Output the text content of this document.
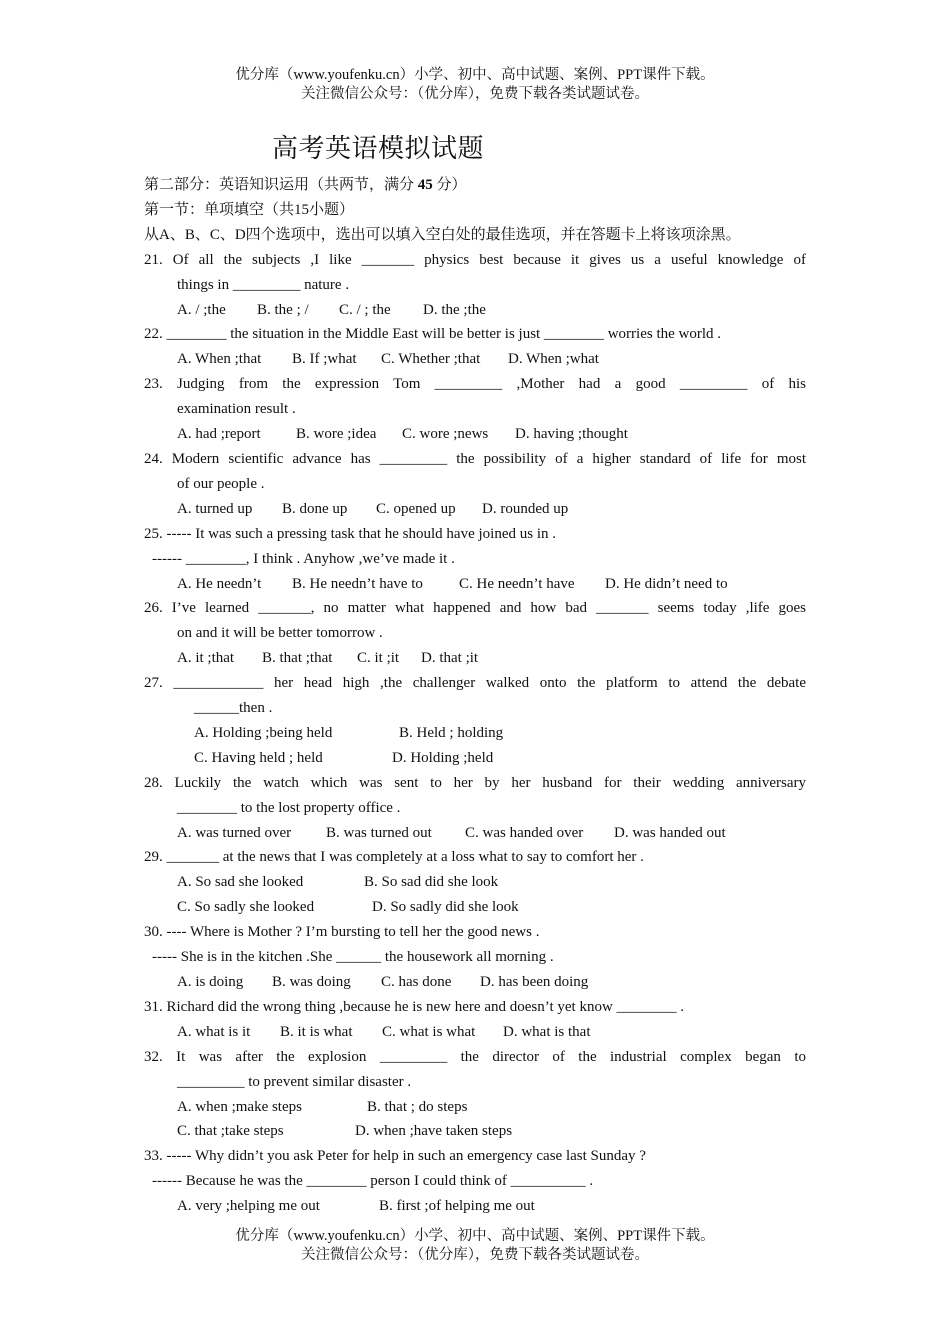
优分库（www.youfenku.cn）小学、初中、高中试题、案例、PPT课件下载。
关注微信公众号：（优分库），免费下载各类试题试卷。
高考英语模拟试题
第二部分：英语知识运用（共两节，满分 45 分）
第一节：单项填空（共15小题）
从A、B、C、D四个选项中，选出可以填入空白处的最佳选项，并在答题卡上将该项涂黑。
21. Of all the subjects ,I like _______ physics best because it gives us a useful knowledge of
things in _________ nature .
A. / ;the B. the ; / C. / ; the D. the ;the
22. ________ the situation in the Middle East will be better is just ________ worries the world .
A. When ;that B. If ;what C. Whether ;that D. When ;what
23. Judging from the expression Tom _________ ,Mother had a good _________ of his
examination result .
A. had ;report B. wore ;idea C. wore ;news D. having ;thought
24. Modern scientific advance has _________ the possibility of a higher standard of life for most
of our people .
A. turned up B. done up C. opened up D. rounded up
25. ----- It was such a pressing task that he should have joined us in .
------ ________, I think . Anyhow ,we’ve made it .
A. He needn’t B. He needn’t have to C. He needn’t have D. He didn’t need to
26. I’ve learned _______, no matter what happened and how bad _______ seems today ,life goes
on and it will be better tomorrow .
A. it ;that B. that ;that C. it ;it D. that ;it
27. ____________ her head high ,the challenger walked onto the platform to attend the debate
______then .
A. Holding ;being held	B. Held ; holding
C. Having held ; held	D. Holding ;held
28. Luckily the watch which was sent to her by her husband for their wedding anniversary
________ to the lost property office .
A. was turned over B. was turned out C. was handed over D. was handed out
29. _______ at the news that I was completely at a loss what to say to comfort her .
A. So sad she looked	B. So sad did she look
C. So sadly she looked	D. So sadly did she look
30. ---- Where is Mother ? I’m bursting to tell her the good news .
----- She is in the kitchen .She ______ the housework all morning .
A. is doing B. was doing C. has done D. has been doing
31. Richard did the wrong thing ,because he is new here and doesn’t yet know ________ .
A. what is it B. it is what C. what is what D. what is that
32. It was after the explosion _________ the director of the industrial complex began to
_________ to prevent similar disaster .
A. when ;make steps	B. that ; do steps
C. that ;take steps	D. when ;have taken steps
33. ----- Why didn’t you ask Peter for help in such an emergency case last Sunday ?
------ Because he was the ________ person I could think of __________ .
A. very ;helping me out	B. first ;of helping me out
优分库（www.youfenku.cn）小学、初中、高中试题、案例、PPT课件下载。
关注微信公众号：（优分库），免费下载各类试题试卷。
